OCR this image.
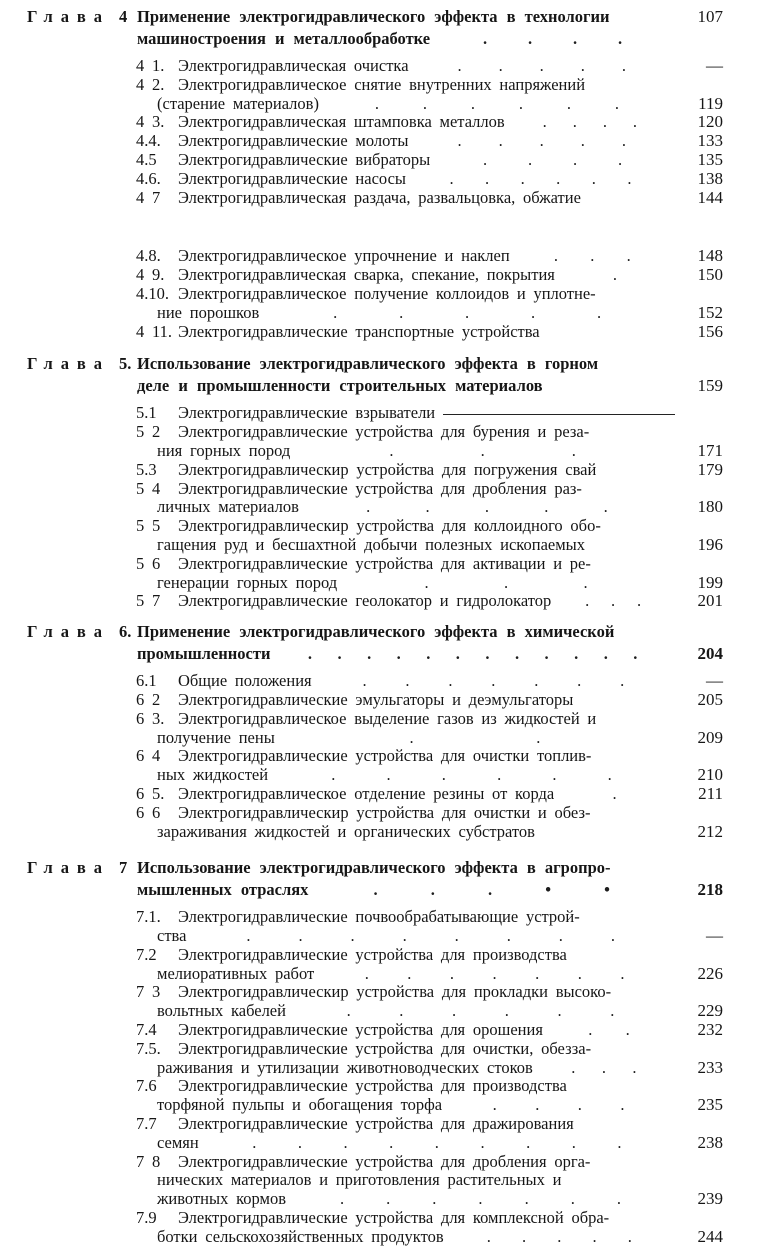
Глава 4 Применение электрогидравлического эффекта в технологии	107
машиностроения и металлообработке	. . . .
4 1. Электрогидравлическая очистка	. . . . .	—
4 2. Электрогидравлическое снятие внутренних напряжений
(старение материалов)	.	.	.	.	.	.	119
4 3. Электрогидравлическая штамповка металлов . . . .	120
4.4.	Электрогидравлические молоты	. . . . .	133
4.5	Электрогидравлические вибраторы	. . . .	135
4.6.	Электрогидравлические насосы	. . . . . .	138
4 7	Электрогидравлическая раздача, развальцовка, обжатие	144
4.8.	Электрогидравлическое упрочнение и наклеп	. . .	148
4 9. Электрогидравлическая сварка, спекание, покрытия	.	150
4.10. Электрогидравлическое получение коллоидов и уплотне-
ние порошков	.	.	.	.	.	152
4 11. Электрогидравлические транспортные устройства	156
Глава 5. Использование электрогидравлического эффекта в горном
деле и промышленности строительных материалов	159
5.1	Электрогидравлические взрыватели
5 2	Электрогидравлические устройства для бурения и реза-
ния горных пород	.	.	.	171
5.3	Электрогидравлическир устройства для погружения свай	179
5 4	Электрогидравлические устройства для дробления раз-
личных материалов	.	.	.	.	.	180
5 5	Электрогидравлическир устройства для коллоидного обо-
гащения руд и бесшахтной добычи полезных ископаемых	196
5 6	Электрогидравлические устройства для активации и ре-
генерации горных пород	.	.	.	199
5 7	Электрогидравлические геолокатор и гидролокатор . . .	201
Глава 6. Применение электрогидравлического эффекта в химической
промышленности . . . . . . . . . . . .	204
6.1	Общие положения	. . . . . . .	—
6 2	Электрогидравлические эмульгаторы и деэмульгаторы	205
6 3. Электрогидравлическое выделение газов из жидкостей и
получение пены	.	.	209
6 4	Электрогидравлические устройства для очистки топлив-
ных жидкостей	.	.	.	.	.	.	210
6 5. Электрогидравлическое отделение резины от корда	.	211
6 6	Электрогидравлическир устройства для очистки и обез-
зараживания жидкостей и органических субстратов	212
Глава 7 Использование электрогидравлического эффекта в агропро-
мышленных отраслях	.	.	.	•	•	218
7.1.	Электрогидравлические почвообрабатывающие устрой-
ства	.	.	.	.	.	.	.	.	—
7.2	Электрогидравлические устройства для производства
мелиоративных работ	. . . . . . .	226
7 3	Электрогидравлическир устройства для прокладки высоко-
вольтных кабелей	.	.	.	.	.	.	229
7.4	Электрогидравлические устройства для орошения	. .	232
7.5.	Электрогидравлические устройства для очистки, обезза-
раживания и утилизации животноводческих стоков . . .	233
7.6	Электрогидравлические устройства для производства
торфяной пульпы и обогащения торфа	. . . .	235
7.7	Электрогидравлические устройства для дражирования
семян	.	.	.	.	.	.	.	.	.	238
7 8	Электрогидравлические устройства для дробления орга-
нических материалов и приготовления растительных и
животных кормов	.	.	.	.	.	.	.	239
7.9	Электрогидравлические устройства для комплексной обра-
ботки сельскохозяйственных продуктов	. . . . .	244
